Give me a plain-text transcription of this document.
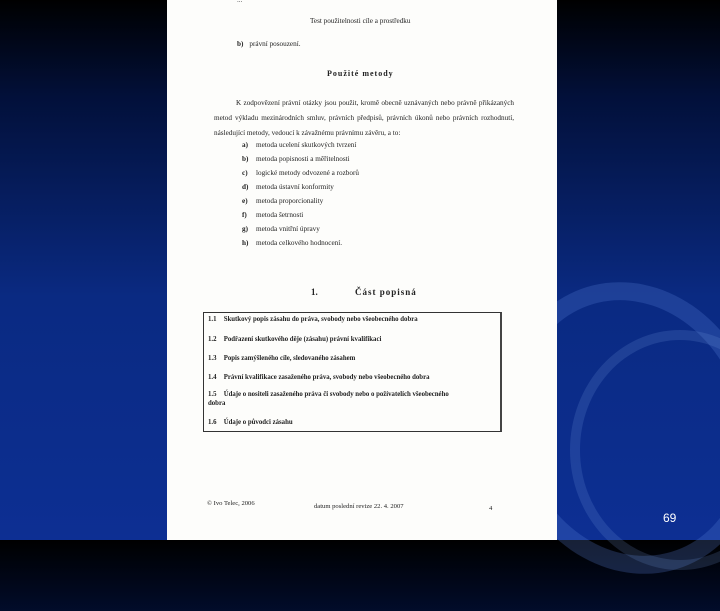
...
Test použitelnosti cíle a prostředku
b) právní posouzení.
Použité metody
K zodpovězení právní otázky jsou použit, kromě obecně uznávaných nebo právně přikázaných metod výkladu mezinárodních smluv, právních předpisů, právních úkonů nebo právních rozhodnutí, následující metody, vedoucí k závažnému právnímu závěru, a to:
a) metoda ucelení skutkových tvrzení
b) metoda popisnosti a měřitelnosti
c) logické metody odvozené a rozborů
d) metoda ústavní konformity
e) metoda proporcionality
f) metoda šetrnosti
g) metoda vnitřní úpravy
h) metoda celkového hodnocení.
1.	Část popisná
1.1 Skutkový popis zásahu do práva, svobody nebo všeobecného dobra
1.2 Podřazení skutkového děje (zásahu) právní kvalifikaci
1.3 Popis zamýšleného cíle, sledovaného zásahem
1.4 Právní kvalifikace zasaženého práva, svobody nebo všeobecného dobra
1.5 Údaje o nositeli zasaženého práva či svobody nebo o požívatelích všeobecného dobra
1.6 Údaje o původci zásahu
© Ivo Telec, 2006	datum poslední revize 22. 4. 2007	4
69
